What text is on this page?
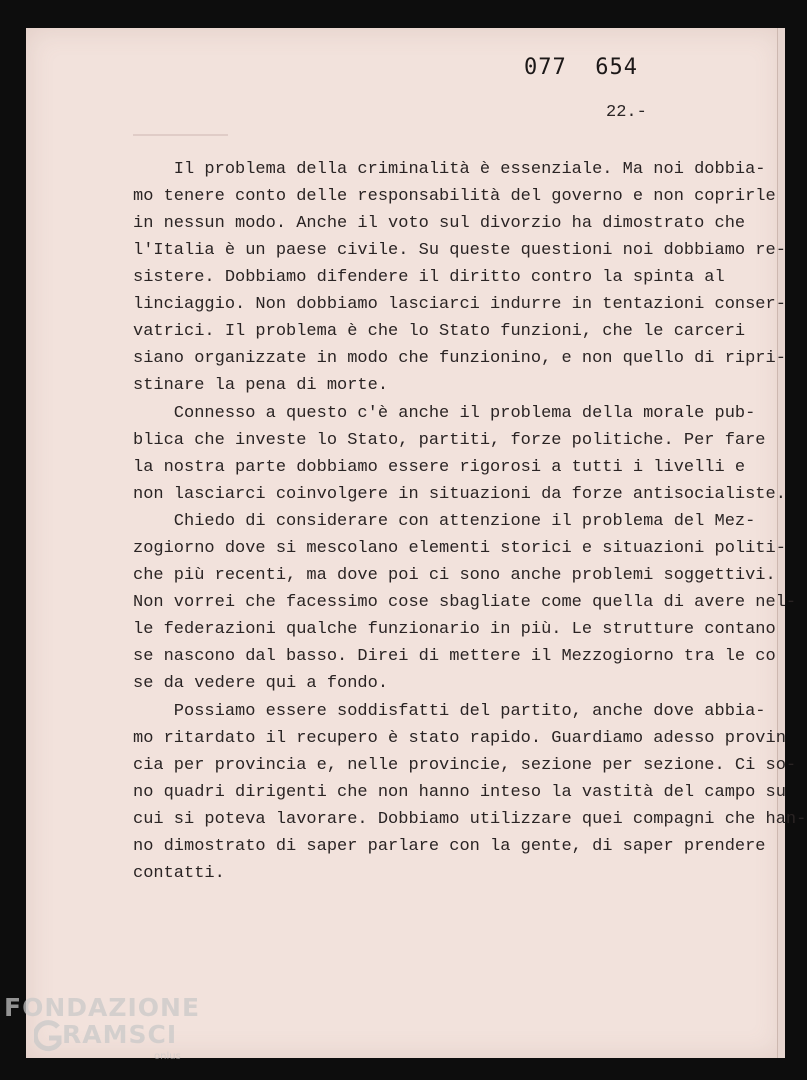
077  654
22.-
Il problema della criminalità è essenziale. Ma noi dobbia-
mo tenere conto delle responsabilità del governo e non coprirle
in nessun modo. Anche il voto sul divorzio ha dimostrato che
l'Italia è un paese civile. Su queste questioni noi dobbiamo re-
sistere. Dobbiamo difendere il diritto contro la spinta al
linciaggio. Non dobbiamo lasciarci indurre in tentazioni conser-
vatrici. Il problema è che lo Stato funzioni, che le carceri
siano organizzate in modo che funzionino, e non quello di ripri-
stinare la pena di morte.
Connesso a questo c'è anche il problema della morale pub-
blica che investe lo Stato, partiti, forze politiche. Per fare
la nostra parte dobbiamo essere rigorosi a tutti i livelli e
non lasciarci coinvolgere in situazioni da forze antisocialiste.
Chiedo di considerare con attenzione il problema del Mez-
zogiorno dove si mescolano elementi storici e situazioni politi-
che più recenti, ma dove poi ci sono anche problemi soggettivi.
Non vorrei che facessimo cose sbagliate come quella di avere nel-
le federazioni qualche funzionario in più. Le strutture contano
se nascono dal basso. Direi di mettere il Mezzogiorno tra le co
se da vedere qui a fondo.
Possiamo essere soddisfatti del partito, anche dove abbia-
mo ritardato il recupero è stato rapido. Guardiamo adesso provin
cia per provincia e, nelle provincie, sezione per sezione. Ci so-
no quadri dirigenti che non hanno inteso la vastità del campo su
cui si poteva lavorare. Dobbiamo utilizzare quei compagni che han-
no dimostrato di saper parlare con la gente, di saper prendere
contatti.
FONDAZIONE
RAMSCI
onlus
